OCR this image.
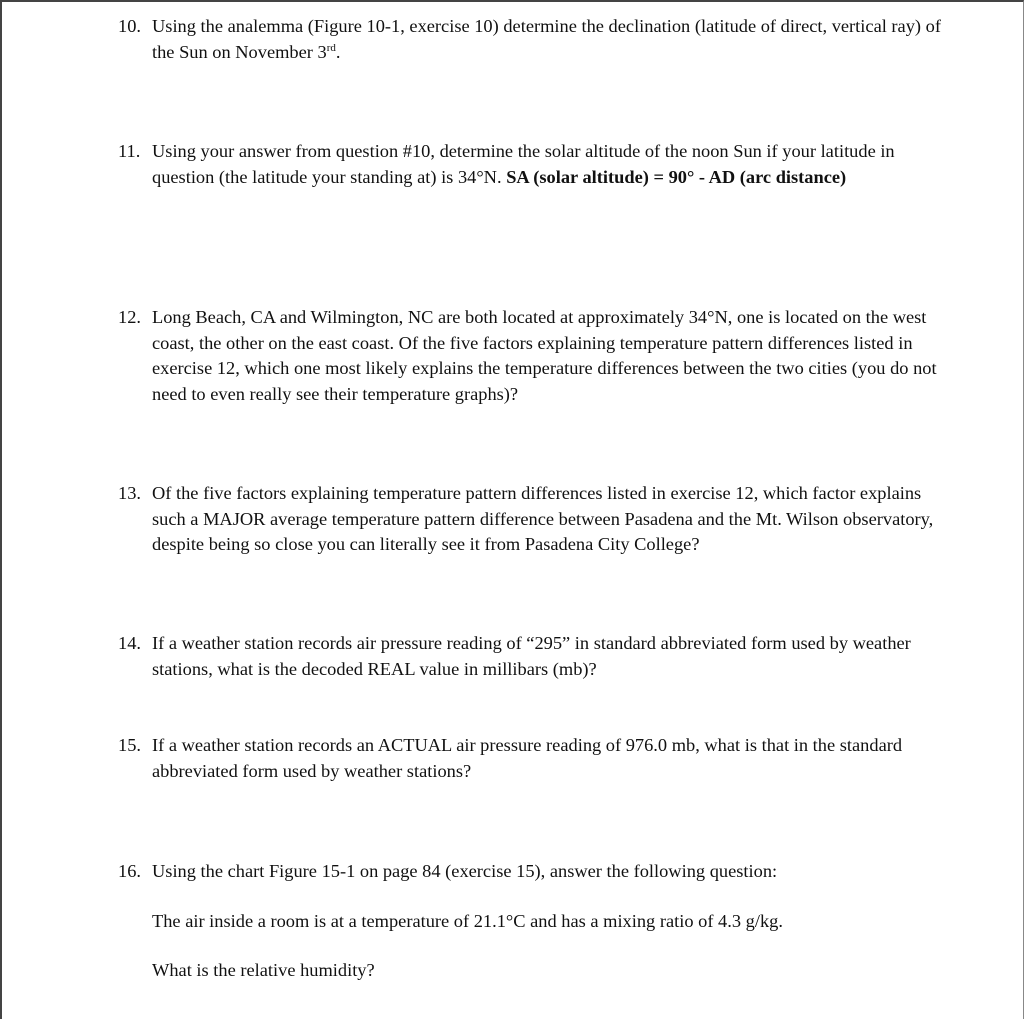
10. Using the analemma (Figure 10-1, exercise 10) determine the declination (latitude of direct, vertical ray) of the Sun on November 3rd.

11. Using your answer from question #10, determine the solar altitude of the noon Sun if your latitude in question (the latitude your standing at) is 34°N. SA (solar altitude) = 90° - AD (arc distance)

12. Long Beach, CA and Wilmington, NC are both located at approximately 34°N, one is located on the west coast, the other on the east coast. Of the five factors explaining temperature pattern differences listed in exercise 12, which one most likely explains the temperature differences between the two cities (you do not need to even really see their temperature graphs)?

13. Of the five factors explaining temperature pattern differences listed in exercise 12, which factor explains such a MAJOR average temperature pattern difference between Pasadena and the Mt. Wilson observatory, despite being so close you can literally see it from Pasadena City College?

14. If a weather station records air pressure reading of “295” in standard abbreviated form used by weather stations, what is the decoded REAL value in millibars (mb)?

15. If a weather station records an ACTUAL air pressure reading of 976.0 mb, what is that in the standard abbreviated form used by weather stations?

16. Using the chart Figure 15-1 on page 84 (exercise 15), answer the following question:

The air inside a room is at a temperature of 21.1°C and has a mixing ratio of 4.3 g/kg.

What is the relative humidity?
